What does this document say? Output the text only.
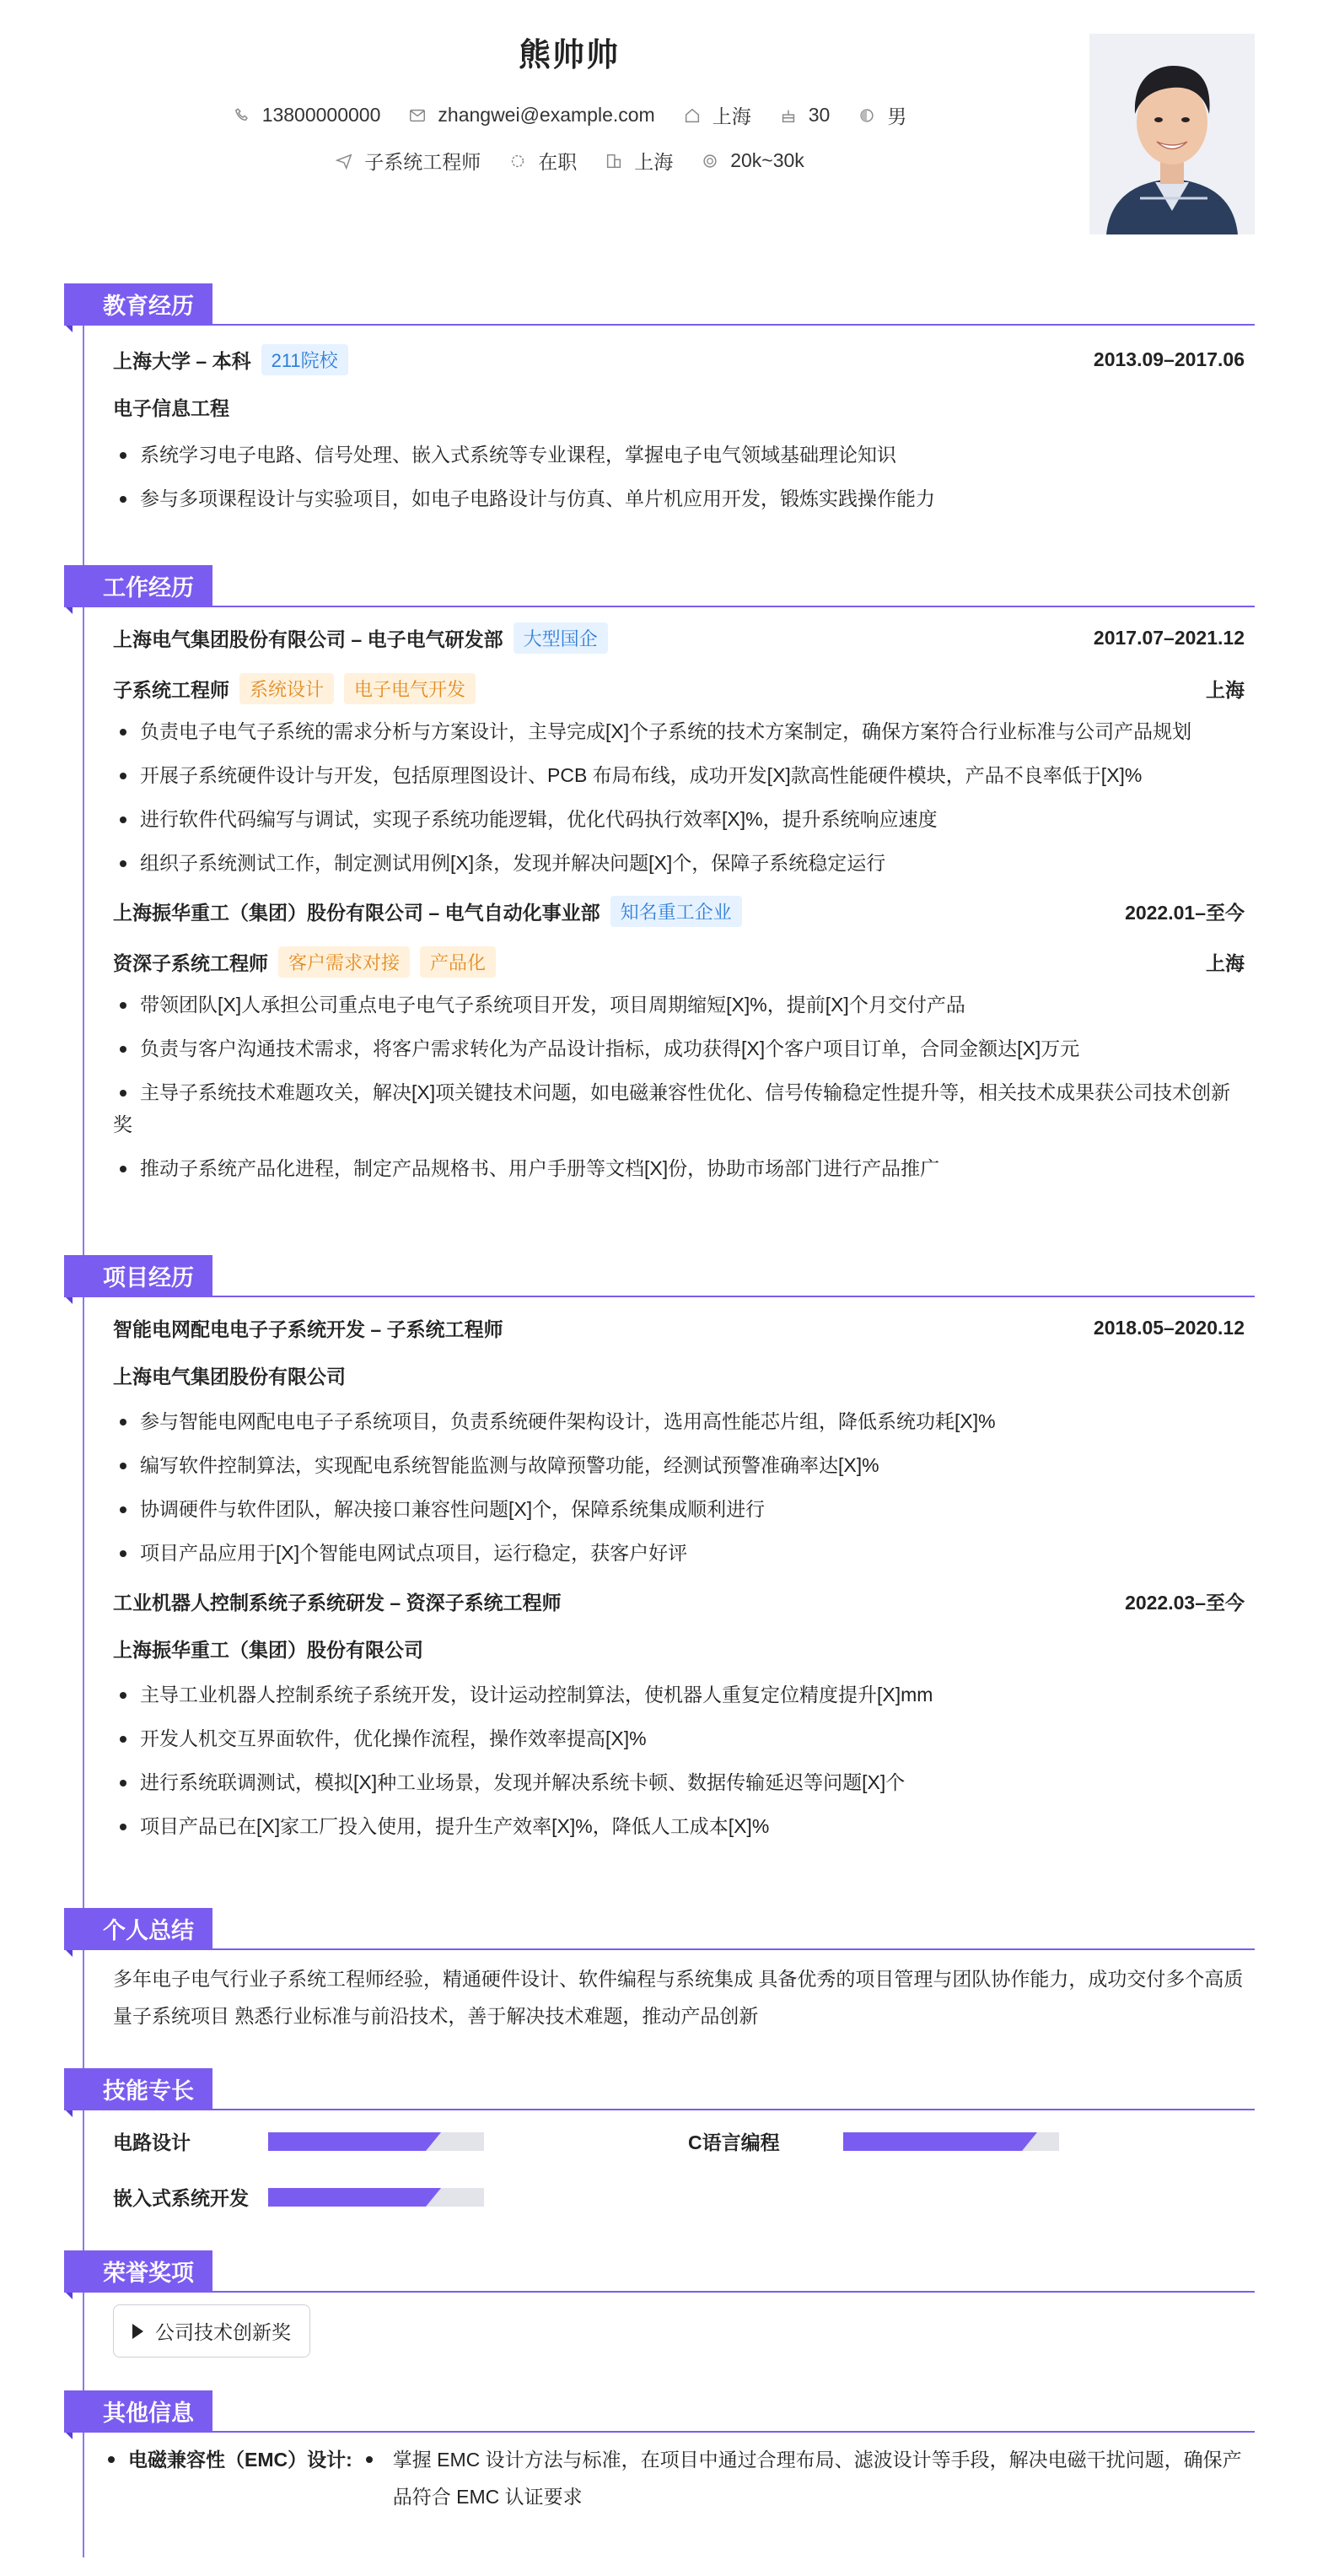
熊帅帅
13800000000	zhangwei@example.com	上海	30	男
子系统工程师	在职	上海	20k~30k
教育经历
上海大学 – 本科	211院校	2013.09–2017.06
电子信息工程
系统学习电子电路、信号处理、嵌入式系统等专业课程，掌握电子电气领域基础理论知识
参与多项课程设计与实验项目，如电子电路设计与仿真、单片机应用开发，锻炼实践操作能力
工作经历
上海电气集团股份有限公司 – 电子电气研发部	大型国企	2017.07–2021.12
子系统工程师	系统设计	电子电气开发	上海
负责电子电气子系统的需求分析与方案设计，主导完成[X]个子系统的技术方案制定，确保方案符合行业标准与公司产品规划
开展子系统硬件设计与开发，包括原理图设计、PCB 布局布线，成功开发[X]款高性能硬件模块，产品不良率低于[X]%
进行软件代码编写与调试，实现子系统功能逻辑，优化代码执行效率[X]%，提升系统响应速度
组织子系统测试工作，制定测试用例[X]条，发现并解决问题[X]个，保障子系统稳定运行
上海振华重工（集团）股份有限公司 – 电气自动化事业部	知名重工企业	2022.01–至今
资深子系统工程师	客户需求对接	产品化	上海
带领团队[X]人承担公司重点电子电气子系统项目开发，项目周期缩短[X]%，提前[X]个月交付产品
负责与客户沟通技术需求，将客户需求转化为产品设计指标，成功获得[X]个客户项目订单，合同金额达[X]万元
主导子系统技术难题攻关，解决[X]项关键技术问题，如电磁兼容性优化、信号传输稳定性提升等，相关技术成果获公司技术创新奖
推动子系统产品化进程，制定产品规格书、用户手册等文档[X]份，协助市场部门进行产品推广
项目经历
智能电网配电电子子系统开发 – 子系统工程师	2018.05–2020.12
上海电气集团股份有限公司
参与智能电网配电电子子系统项目，负责系统硬件架构设计，选用高性能芯片组，降低系统功耗[X]%
编写软件控制算法，实现配电系统智能监测与故障预警功能，经测试预警准确率达[X]%
协调硬件与软件团队，解决接口兼容性问题[X]个，保障系统集成顺利进行
项目产品应用于[X]个智能电网试点项目，运行稳定，获客户好评
工业机器人控制系统子系统研发 – 资深子系统工程师	2022.03–至今
上海振华重工（集团）股份有限公司
主导工业机器人控制系统子系统开发，设计运动控制算法，使机器人重复定位精度提升[X]mm
开发人机交互界面软件，优化操作流程，操作效率提高[X]%
进行系统联调测试，模拟[X]种工业场景，发现并解决系统卡顿、数据传输延迟等问题[X]个
项目产品已在[X]家工厂投入使用，提升生产效率[X]%，降低人工成本[X]%
个人总结
多年电子电气行业子系统工程师经验，精通硬件设计、软件编程与系统集成 具备优秀的项目管理与团队协作能力，成功交付多个高质量子系统项目 熟悉行业标准与前沿技术，善于解决技术难题，推动产品创新
技能专长
电路设计	C语言编程
嵌入式系统开发
荣誉奖项
公司技术创新奖
其他信息
电磁兼容性（EMC）设计:	掌握 EMC 设计方法与标准，在项目中通过合理布局、滤波设计等手段，解决电磁干扰问题，确保产品符合 EMC 认证要求
